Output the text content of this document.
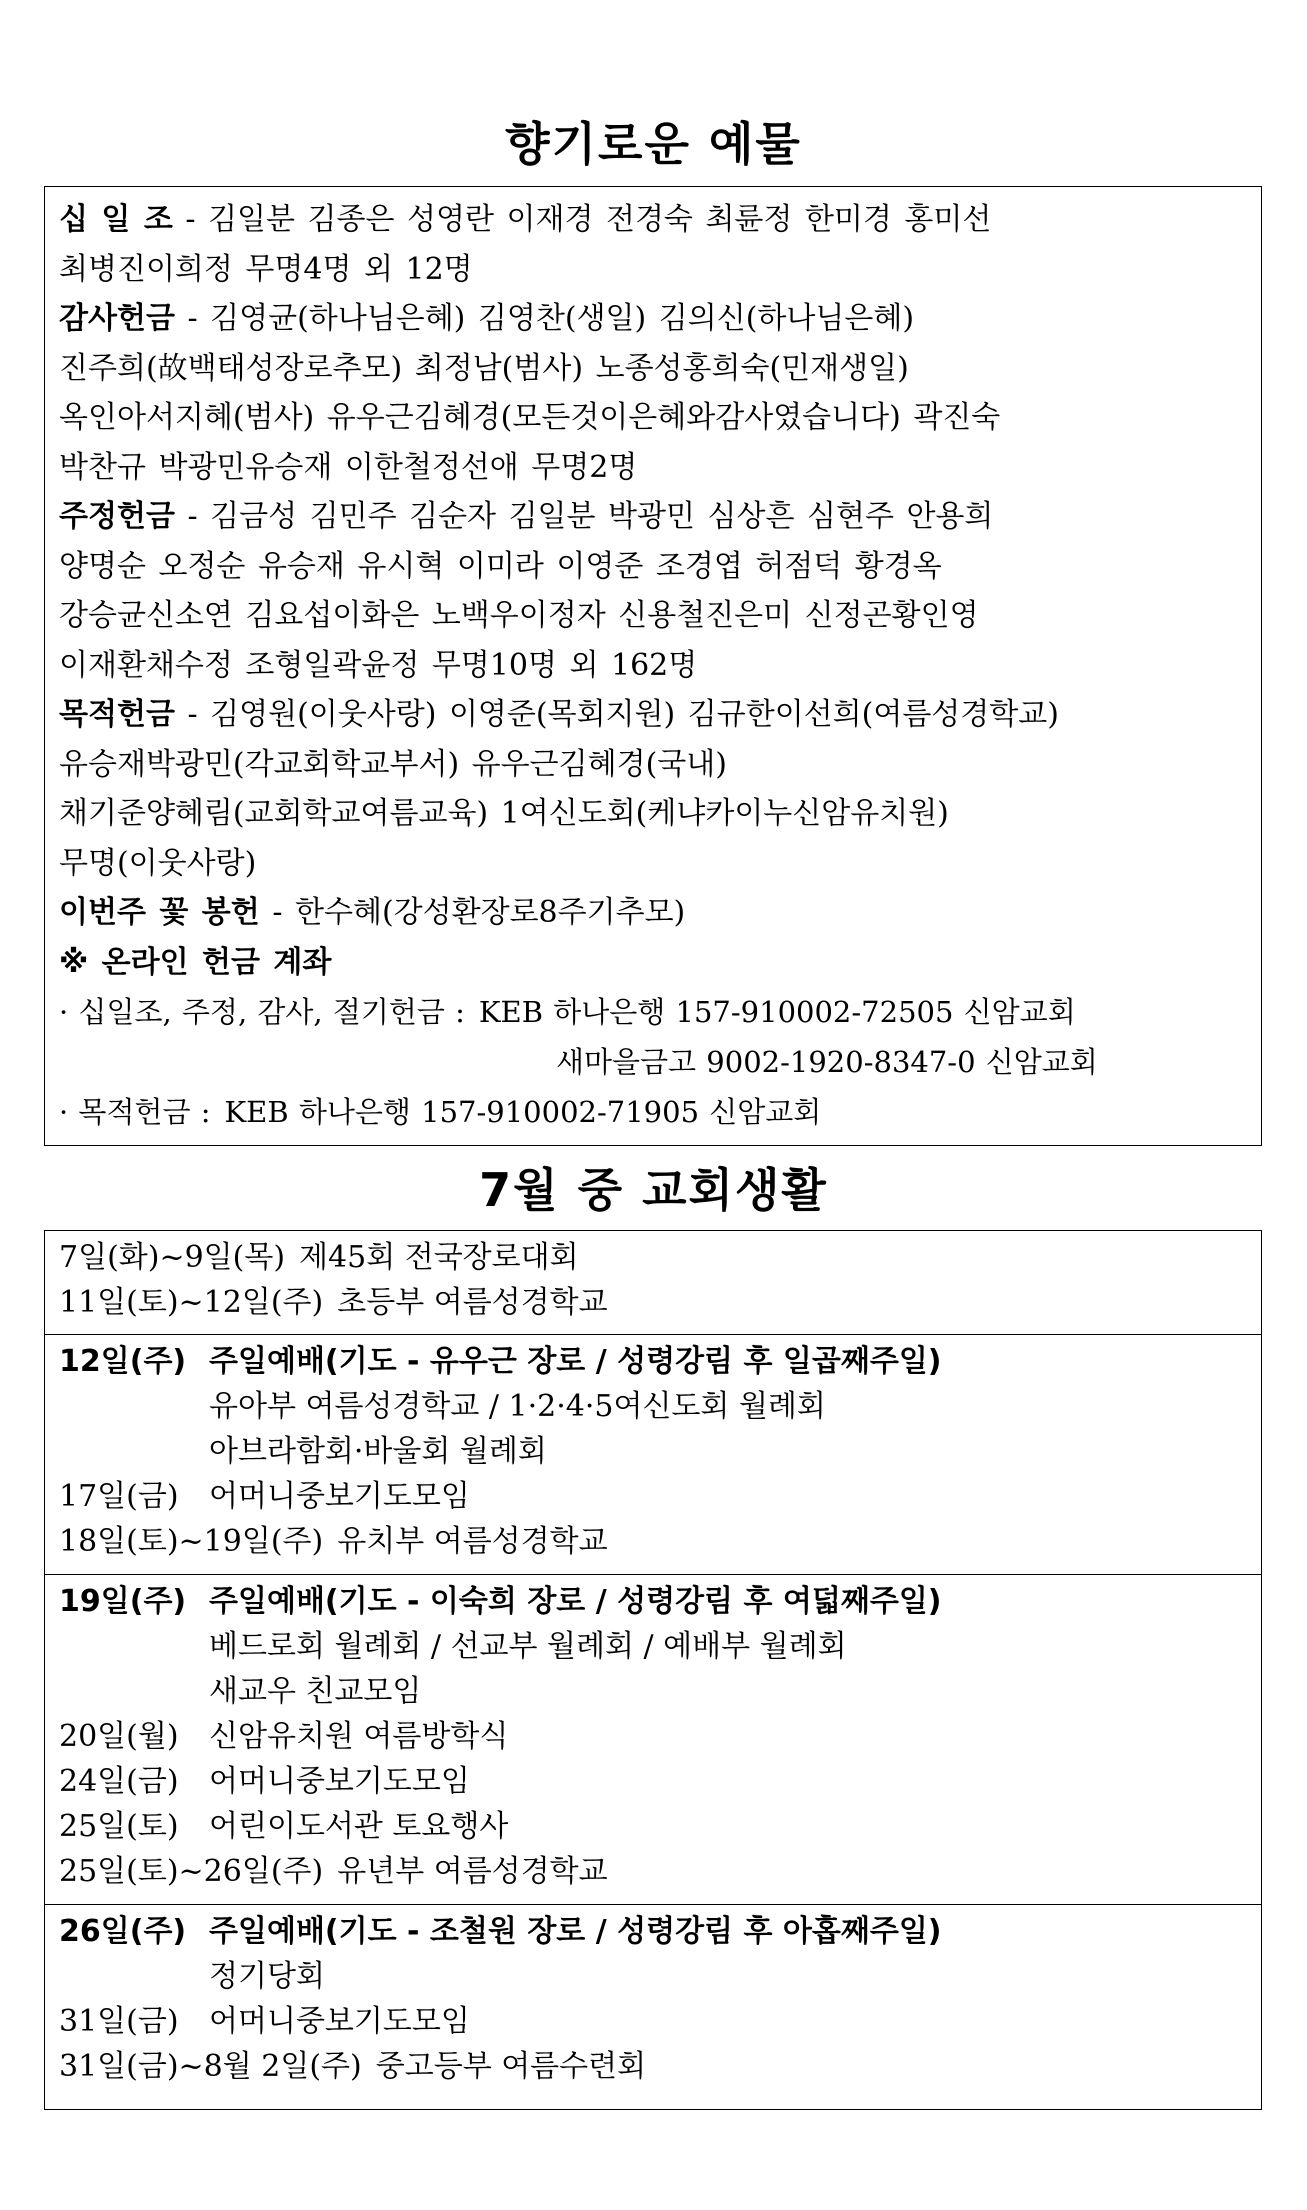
향기로운 예물
십 일 조 - 김일분 김종은 성영란 이재경 전경숙 최륜정 한미경 홍미선
최병진이희정 무명4명 외 12명
감사헌금 - 김영균(하나님은혜) 김영찬(생일) 김의신(하나님은혜)
진주희(故백태성장로추모) 최정남(범사) 노종성홍희숙(민재생일)
옥인아서지혜(범사) 유우근김혜경(모든것이은혜와감사였습니다) 곽진숙
박찬규 박광민유승재 이한철정선애 무명2명
주정헌금 - 김금성 김민주 김순자 김일분 박광민 심상흔 심현주 안용희
양명순 오정순 유승재 유시혁 이미라 이영준 조경엽 허점덕 황경옥
강승균신소연 김요섭이화은 노백우이정자 신용철진은미 신정곤황인영
이재환채수정 조형일곽윤정 무명10명 외 162명
목적헌금 - 김영원(이웃사랑) 이영준(목회지원) 김규한이선희(여름성경학교)
유승재박광민(각교회학교부서) 유우근김혜경(국내)
채기준양혜림(교회학교여름교육) 1여신도회(케냐카이누신암유치원)
무명(이웃사랑)
이번주 꽃 봉헌 - 한수혜(강성환장로8주기추모)
※ 온라인 헌금 계좌
· 십일조, 주정, 감사, 절기헌금 : KEB 하나은행 157-910002-72505 신암교회
새마을금고 9002-1920-8347-0 신암교회
· 목적헌금 : KEB 하나은행 157-910002-71905 신암교회
7월 중 교회생활
7일(화)~9일(목) 제45회 전국장로대회
11일(토)~12일(주) 초등부 여름성경학교
12일(주) 주일예배(기도 - 유우근 장로 / 성령강림 후 일곱째주일)
유아부 여름성경학교 / 1·2·4·5여신도회 월례회
아브라함회·바울회 월례회
17일(금)	어머니중보기도모임
18일(토)~19일(주) 유치부 여름성경학교
19일(주) 주일예배(기도 - 이숙희 장로 / 성령강림 후 여덟째주일)
베드로회 월례회 / 선교부 월례회 / 예배부 월례회
새교우 친교모임
20일(월)	신암유치원 여름방학식
24일(금)	어머니중보기도모임
25일(토)	어린이도서관 토요행사
25일(토)~26일(주) 유년부 여름성경학교
26일(주) 주일예배(기도 - 조철원 장로 / 성령강림 후 아홉째주일)
정기당회
31일(금)	어머니중보기도모임
31일(금)~8월 2일(주) 중고등부 여름수련회
